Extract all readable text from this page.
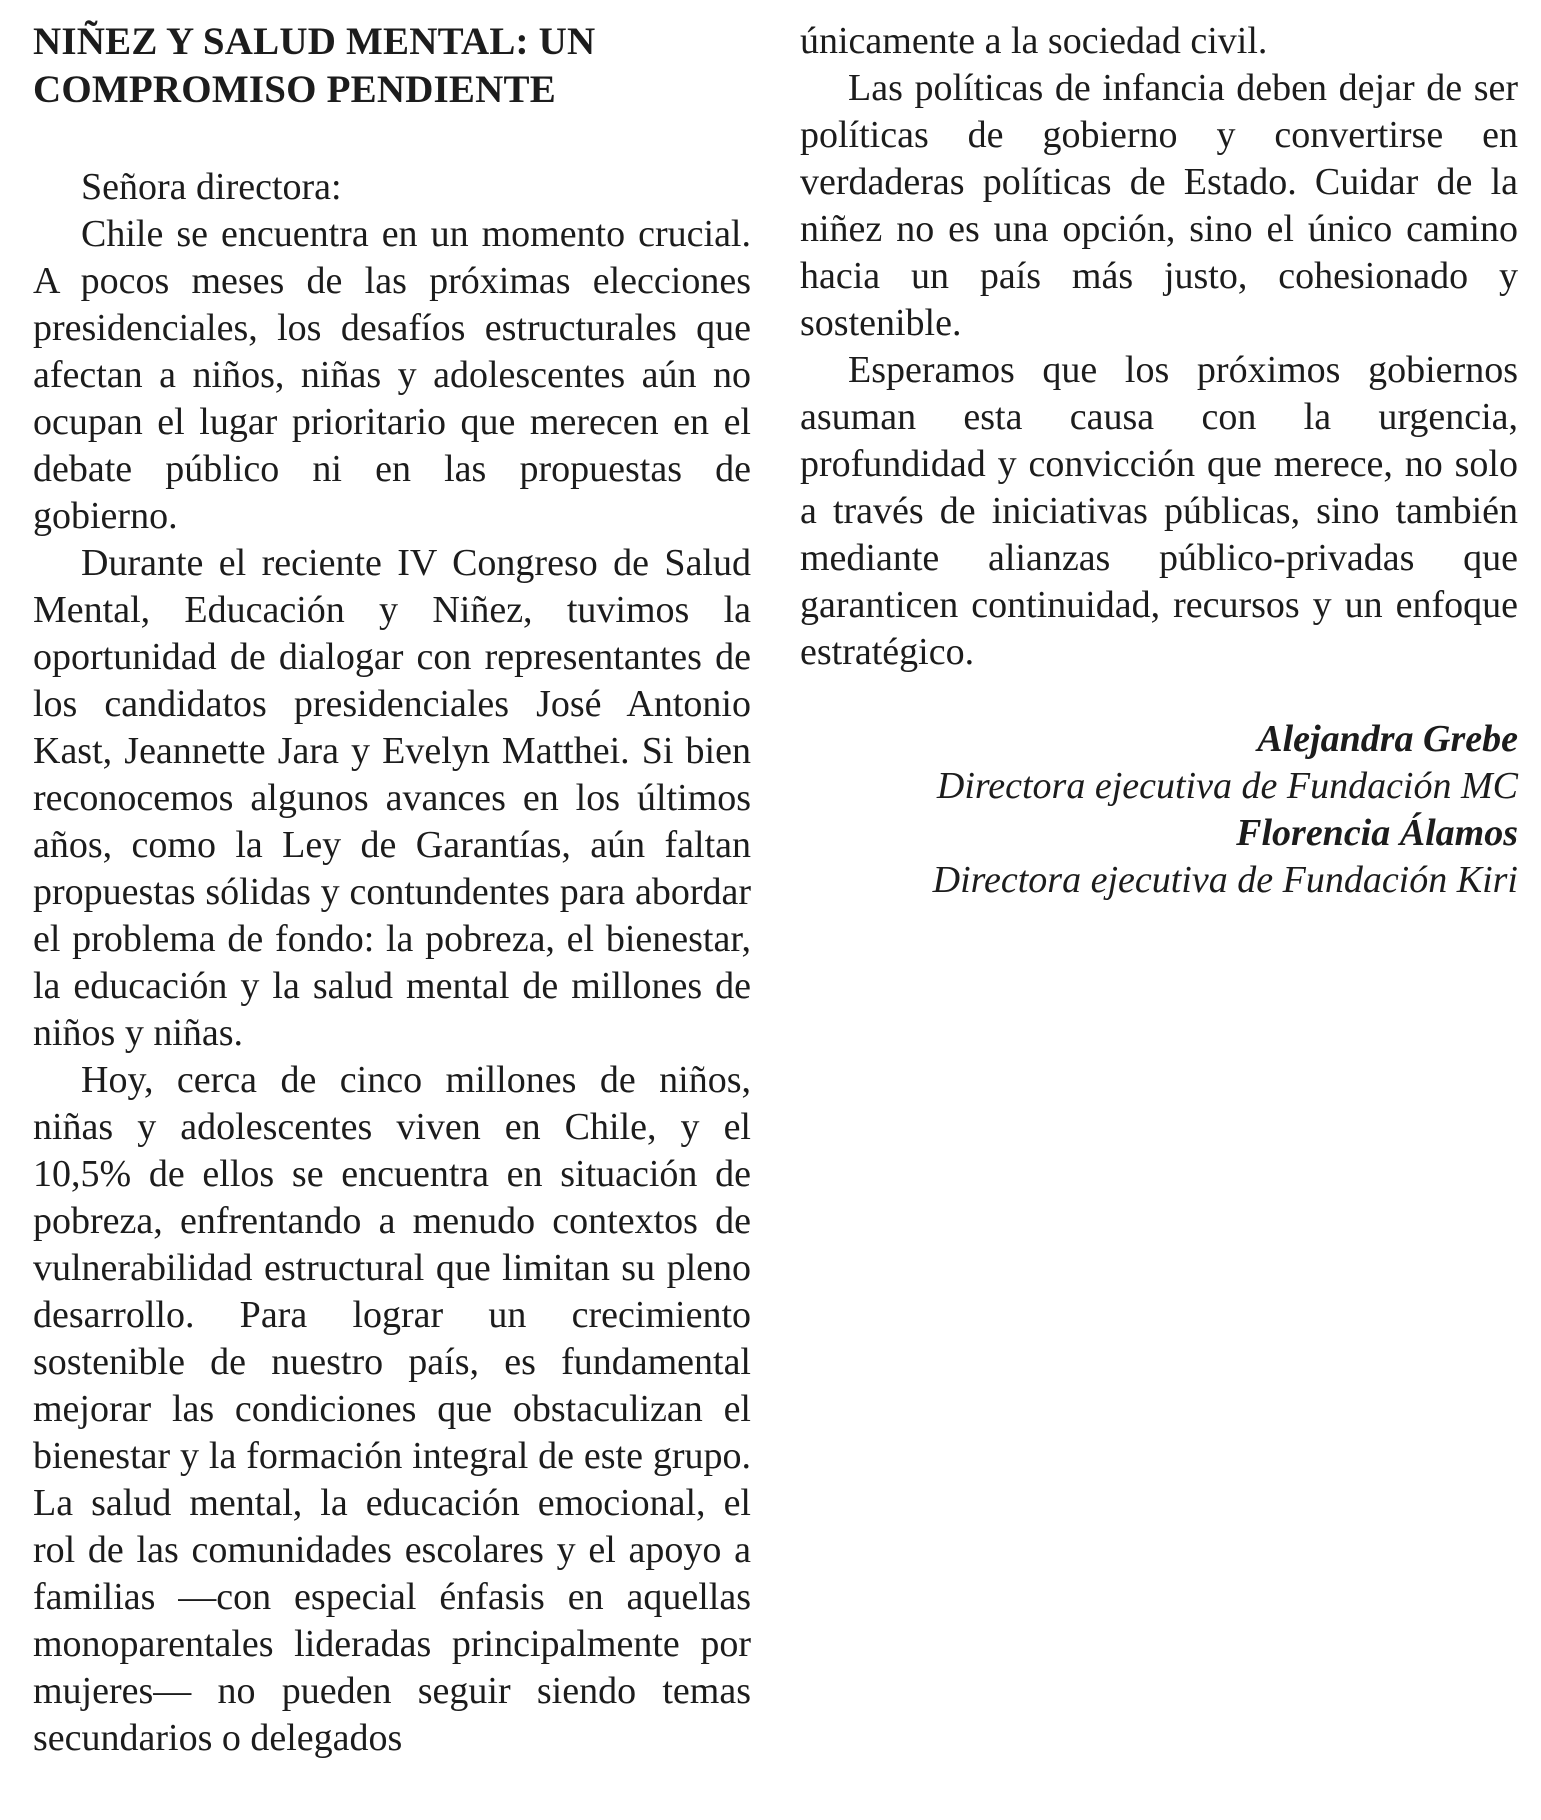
NIÑEZ Y SALUD MENTAL: UN COMPROMISO PENDIENTE

Señora directora:

Chile se encuentra en un momento crucial. A pocos meses de las próximas elecciones presidenciales, los desafíos estructurales que afectan a niños, niñas y adolescentes aún no ocupan el lugar prioritario que merecen en el debate público ni en las propuestas de gobierno.

Durante el reciente IV Congreso de Salud Mental, Educación y Niñez, tuvimos la oportunidad de dialogar con representantes de los candidatos presidenciales José Antonio Kast, Jeannette Jara y Evelyn Matthei. Si bien reconocemos algunos avances en los últimos años, como la Ley de Garantías, aún faltan propuestas sólidas y contundentes para abordar el problema de fondo: la pobreza, el bienestar, la educación y la salud mental de millones de niños y niñas.

Hoy, cerca de cinco millones de niños, niñas y adolescentes viven en Chile, y el 10,5% de ellos se encuentra en situación de pobreza, enfrentando a menudo contextos de vulnerabilidad estructural que limitan su pleno desarrollo. Para lograr un crecimiento sostenible de nuestro país, es fundamental mejorar las condiciones que obstaculizan el bienestar y la formación integral de este grupo. La salud mental, la educación emocional, el rol de las comunidades escolares y el apoyo a familias —con especial énfasis en aquellas monoparentales lideradas principalmente por mujeres— no pueden seguir siendo temas secundarios o delegados

únicamente a la sociedad civil.

Las políticas de infancia deben dejar de ser políticas de gobierno y convertirse en verdaderas políticas de Estado. Cuidar de la niñez no es una opción, sino el único camino hacia un país más justo, cohesionado y sostenible.

Esperamos que los próximos gobiernos asuman esta causa con la urgencia, profundidad y convicción que merece, no solo a través de iniciativas públicas, sino también mediante alianzas público-privadas que garanticen continuidad, recursos y un enfoque estratégico.

Alejandra Grebe
Directora ejecutiva de Fundación MC
Florencia Álamos
Directora ejecutiva de Fundación Kiri
